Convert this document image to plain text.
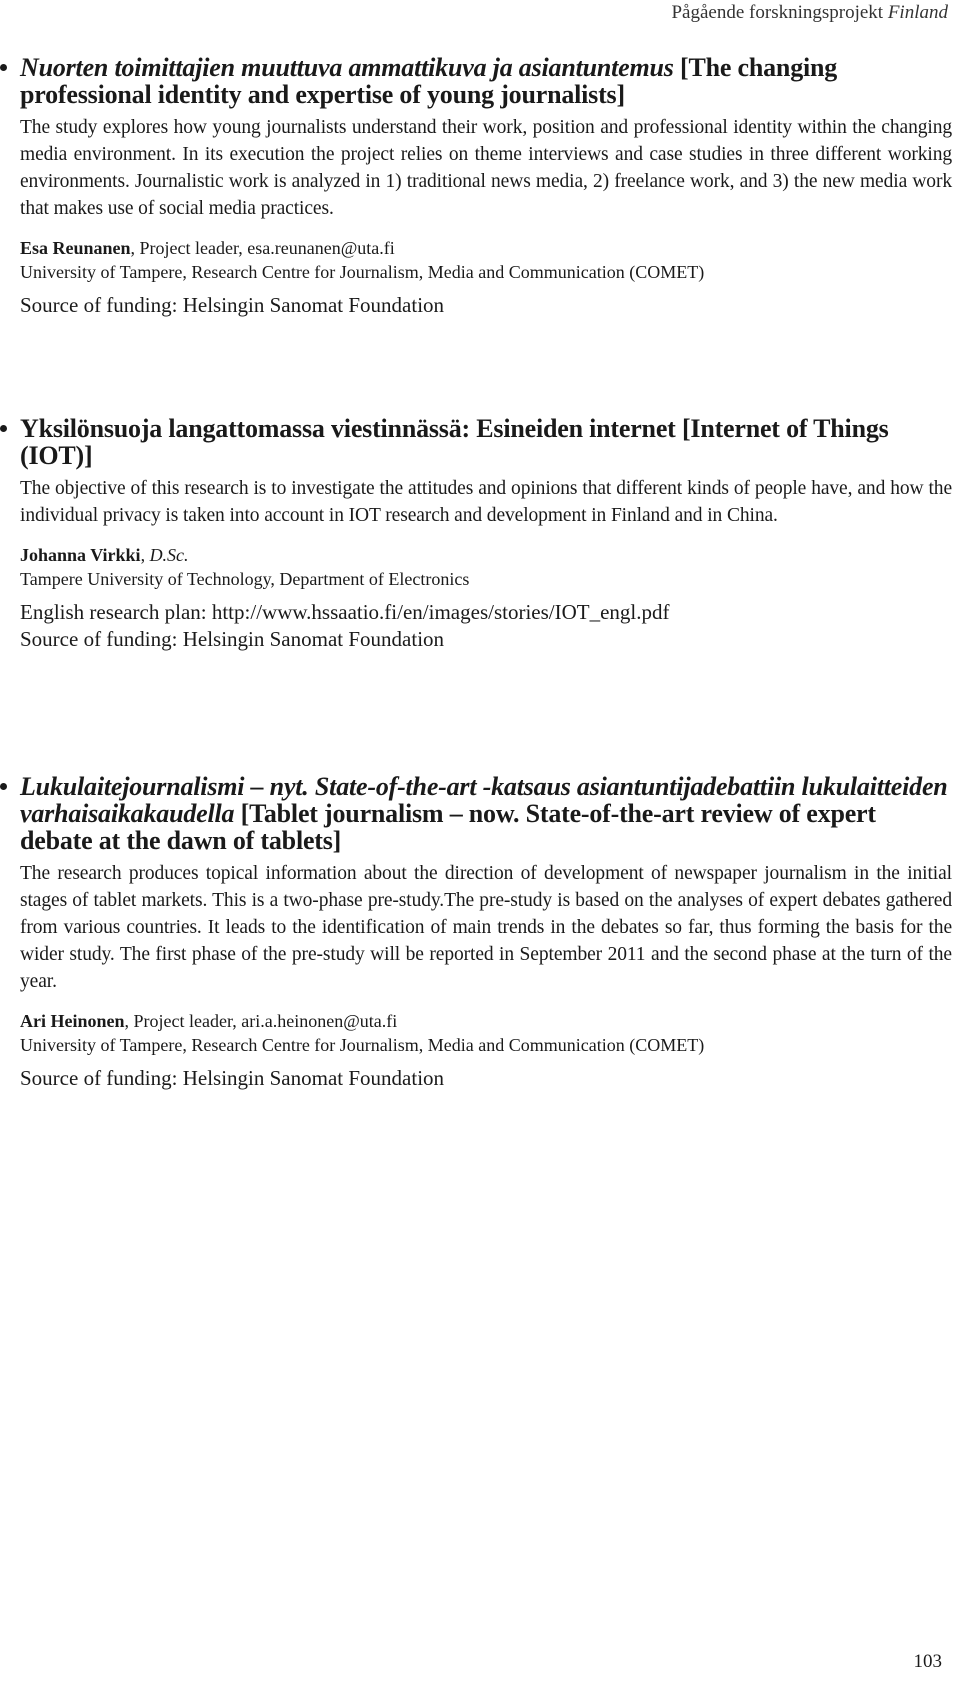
Pågående forskningsprojekt Finland

Nuorten toimittajien muuttuva ammattikuva ja asiantuntemus [The changing professional identity and expertise of young journalists]

The study explores how young journalists understand their work, position and professional identity within the changing media environment. In its execution the project relies on theme interviews and case studies in three different working environments. Journalistic work is analyzed in 1) traditional news media, 2) freelance work, and 3) the new media work that makes use of social media practices.

Esa Reunanen, Project leader, esa.reunanen@uta.fi

University of Tampere, Research Centre for Journalism, Media and Communication (COMET)

Source of funding: Helsingin Sanomat Foundation

Yksilönsuoja langattomassa viestinnässä: Esineiden internet [Internet of Things (IOT)]

The objective of this research is to investigate the attitudes and opinions that different kinds of people have, and how the individual privacy is taken into account in IOT research and development in Finland and in China.

Johanna Virkki, D.Sc.

Tampere University of Technology, Department of Electronics

English research plan: http://www.hssaatio.fi/en/images/stories/IOT_engl.pdf

Source of funding: Helsingin Sanomat Foundation

Lukulaitejournalismi – nyt. State-of-the-art -katsaus asiantuntijadebattiin lukulaitteiden varhaisaikakaudella [Tablet journalism – now. State-of-the-art review of expert debate at the dawn of tablets]

The research produces topical information about the direction of development of newspaper journalism in the initial stages of tablet markets. This is a two-phase pre-study.The pre-study is based on the analyses of expert debates gathered from various countries. It leads to the identification of main trends in the debates so far, thus forming the basis for the wider study. The first phase of the pre-study will be reported in September 2011 and the second phase at the turn of the year.

Ari Heinonen, Project leader, ari.a.heinonen@uta.fi

University of Tampere, Research Centre for Journalism, Media and Communication (COMET)

Source of funding: Helsingin Sanomat Foundation

103
